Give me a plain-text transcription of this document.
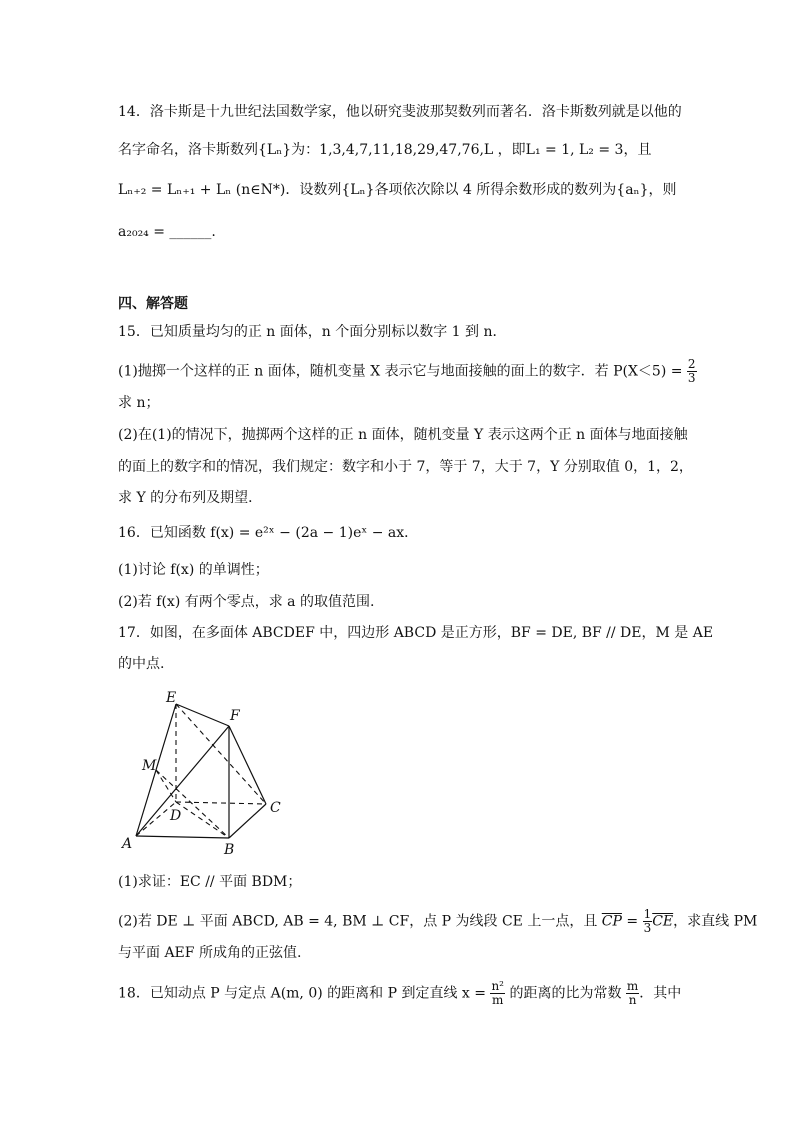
14．洛卡斯是十九世纪法国数学家，他以研究斐波那契数列而著名．洛卡斯数列就是以他的
名字命名，洛卡斯数列{Lₙ}为：1,3,4,7,11,18,29,47,76,L ，即L₁ = 1, L₂ = 3，且
Lₙ₊₂ = Lₙ₊₁ + Lₙ (n∈N*)．设数列{Lₙ}各项依次除以 4 所得余数形成的数列为{aₙ}，则
a₂₀₂₄ = ______.
四、解答题
15．已知质量均匀的正 n 面体，n 个面分别标以数字 1 到 n．
(1)抛掷一个这样的正 n 面体，随机变量 X 表示它与地面接触的面上的数字．若 $P(X<5) = \frac{2}{3}$
求 n；
(2)在(1)的情况下，抛掷两个这样的正 n 面体，随机变量 Y 表示这两个正 n 面体与地面接触
的面上的数字和的情况，我们规定：数字和小于 7，等于 7，大于 7，Y 分别取值 0，1，2，
求 Y 的分布列及期望．
16．已知函数 f(x) = e²ˣ − (2a − 1)eˣ − ax．
(1)讨论 f(x) 的单调性；
(2)若 f(x) 有两个零点，求 a 的取值范围.
17．如图，在多面体 ABCDEF 中，四边形 ABCD 是正方形，BF = DE, BF // DE，M 是 AE
的中点.
E
F
M
D	C
A	B
(1)求证：EC // 平面 BDM；
(2)若 DE ⊥ 平面 ABCD, AB = 4, BM ⊥ CF，点 P 为线段 CE 上一点，且 $\overline{CP} = \frac{1}{3} \overline{CE}$，求直线 PM
与平面 AEF 所成角的正弦值.
18．已知动点 P 与定点 A(m, 0) 的距离和 P 到定直线 $x = \frac{\text{n²}}{m}$ 的距离的比为常数 $\frac{m}{n}$ ．其中
